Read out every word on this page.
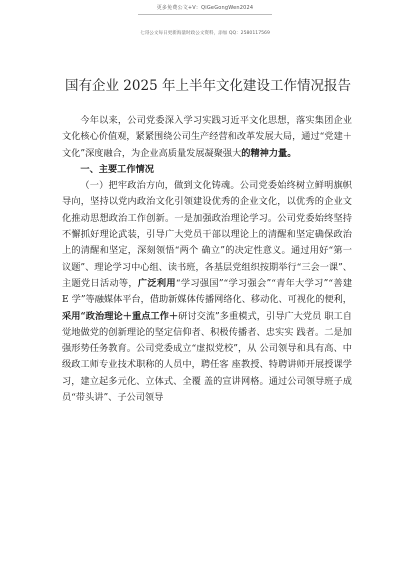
更多免费公文+V：QiGeGongWen2024
七哥公文每日更新海量时政公文资料，添加 QQ：2580117569
国有企业 2025 年上半年文化建设工作情况报告

今年以来，公司党委深入学习实践习近平文化思想，落实集团企业文化核心价值观，紧紧围绕公司生产经营和改革发展大局，通过“党建＋文化”深度融合，为企业高质量发展凝聚强大的精神力量。

一、主要工作情况

（一）把牢政治方向，做到文化铸魂。公司党委始终树立鲜明旗帜导向，坚持以党内政治文化引领建设优秀的企业文化，以优秀的企业文化推动思想政治工作创新。一是加强政治理论学习。公司党委始终坚持不懈抓好理论武装，引导广大党员干部以理论上的清醒和坚定确保政治上的清醒和坚定，深刻领悟“两个 确立”的决定性意义。通过用好“第一议题”、理论学习中心组、读书班，各基层党组织按期举行“三会一课”、主题党日活动等，广泛利用“学习强国”“学习强会”“青年大学习”“善建 E 学”等融媒体平台，借助新媒体传播网络化、移动化、可视化的便利，采用“政治理论＋重点工作＋研讨交流”多重模式，引导广大党员 职工自觉地做党的创新理论的坚定信仰者、积极传播者、忠实实 践者。二是加强形势任务教育。公司党委成立“虚拟党校”，从 公司领导和具有高、中级政工师专业技术职称的人员中，聘任客 座教授、特聘讲师开展授课学习，建立起多元化、立体式、全覆 盖的宣讲网格。通过公司领导班子成员“带头讲”、子公司领导
